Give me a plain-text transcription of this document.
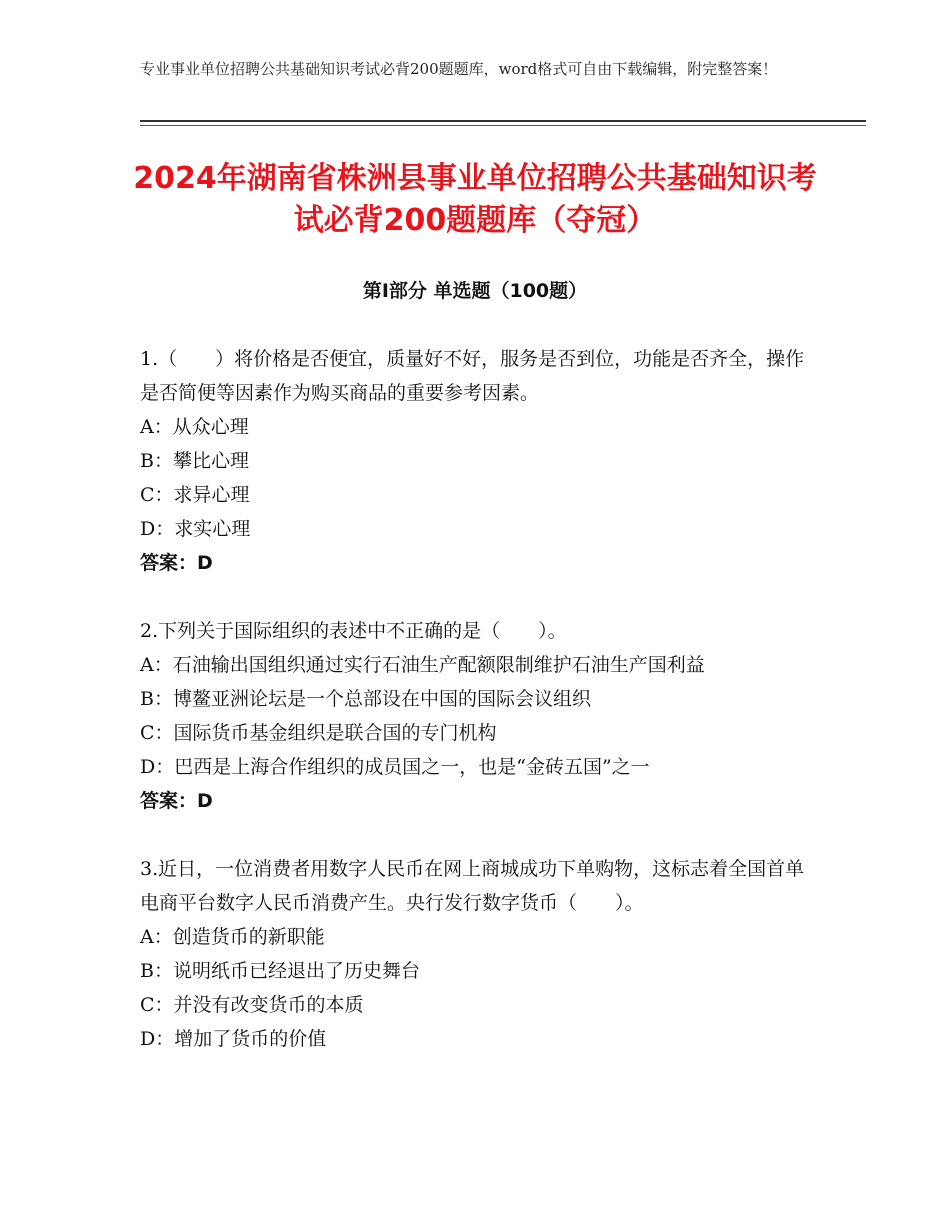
专业事业单位招聘公共基础知识考试必背200题题库，word格式可自由下载编辑，附完整答案！
2024年湖南省株洲县事业单位招聘公共基础知识考试必背200题题库（夺冠）
第Ⅰ部分 单选题（100题）
1.（　　）将价格是否便宜，质量好不好，服务是否到位，功能是否齐全，操作是否简便等因素作为购买商品的重要参考因素。
A：从众心理
B：攀比心理
C：求异心理
D：求实心理
答案：D
2.下列关于国际组织的表述中不正确的是（　　）。
A：石油输出国组织通过实行石油生产配额限制维护石油生产国利益
B：博鳌亚洲论坛是一个总部设在中国的国际会议组织
C：国际货币基金组织是联合国的专门机构
D：巴西是上海合作组织的成员国之一，也是“金砖五国”之一
答案：D
3.近日，一位消费者用数字人民币在网上商城成功下单购物，这标志着全国首单电商平台数字人民币消费产生。央行发行数字货币（　　）。
A：创造货币的新职能
B：说明纸币已经退出了历史舞台
C：并没有改变货币的本质
D：增加了货币的价值
